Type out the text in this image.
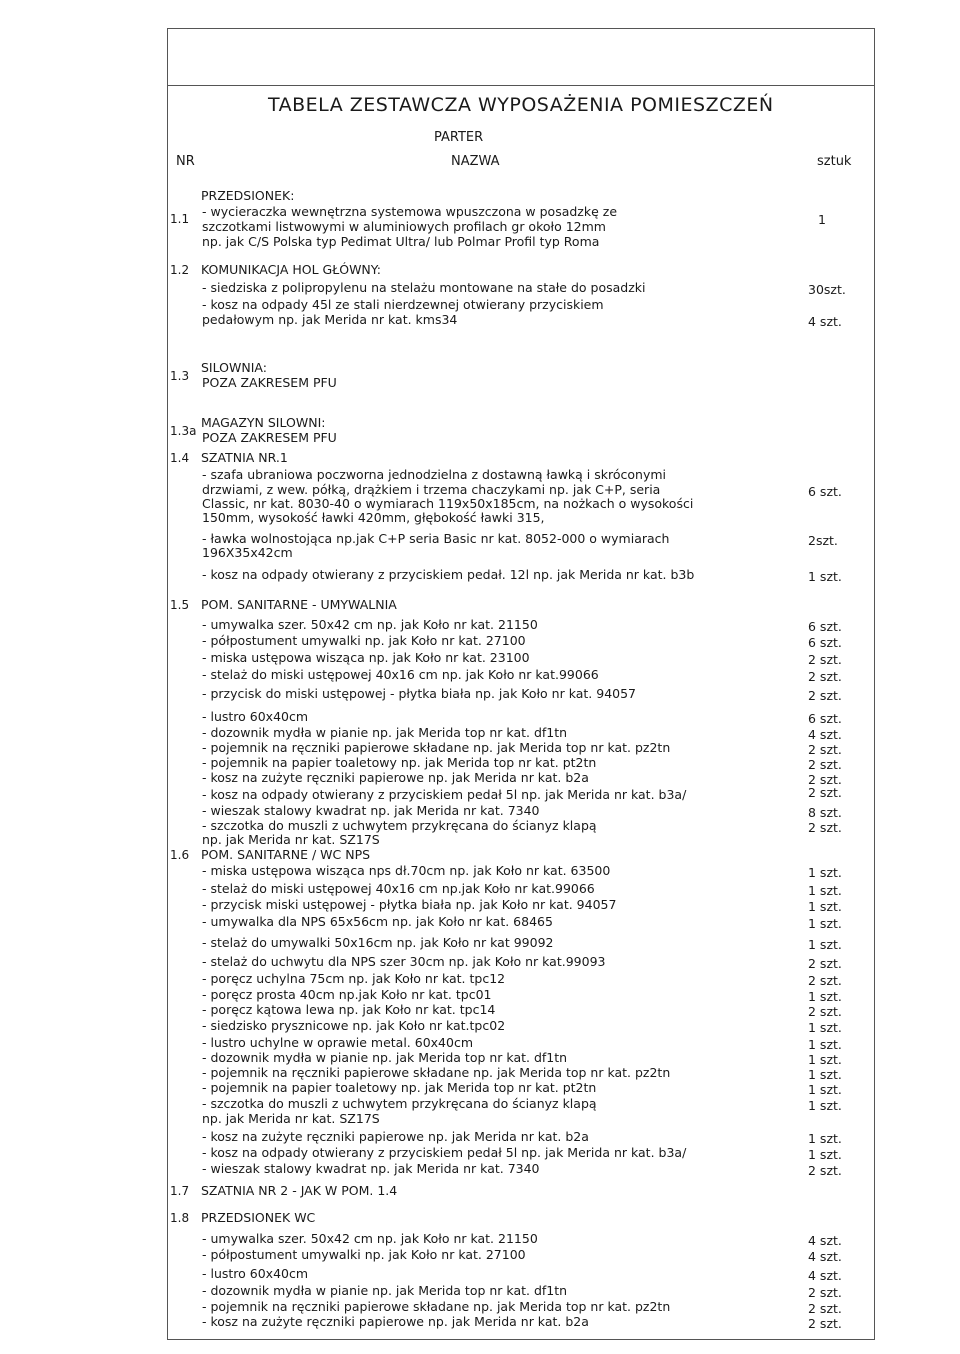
TABELA ZESTAWCZA WYPOSAŻENIA POMIESZCZEŃ
PARTER
NR	NAZWA	sztuk
1.1
PRZEDSIONEK:
- wycieraczka wewnętrzna systemowa wpuszczona w posadzkę ze
szczotkami listwowymi w aluminiowych profilach gr około 12mm	1
np. jak C/S Polska typ Pedimat Ultra/ lub Polmar Profil typ Roma
1.2 KOMUNIKACJA HOL GŁÓWNY:
- siedziska z polipropylenu na stelażu montowane na stałe do posadzki	30szt.
- kosz na odpady 45l ze stali nierdzewnej otwierany przyciskiem
pedałowym np. jak Merida nr kat. kms34	4 szt.
1.3
SILOWNIA:
POZA ZAKRESEM PFU
1.3a
MAGAZYN SILOWNI:
POZA ZAKRESEM PFU
1.4 SZATNIA NR.1
- szafa ubraniowa poczworna jednodzielna z dostawną ławką i skróconymi
drzwiami, z wew. półką, drążkiem i trzema chaczykami np. jak C+P, seria	6 szt.
Classic, nr kat. 8030-40 o wymiarach 119x50x185cm, na nożkach o wysokości
150mm, wysokość ławki 420mm, głębokość ławki 315,
- ławka wolnostojąca np.jak C+P seria Basic nr kat. 8052-000 o wymiarach	2szt.
196X35x42cm
- kosz na odpady otwierany z przyciskiem pedał. 12l np. jak Merida nr kat. b3b	1 szt.
1.5 POM. SANITARNE - UMYWALNIA
- umywalka szer. 50x42 cm np. jak Koło nr kat. 21150	6 szt.
- półpostument umywalki np. jak Koło nr kat. 27100	6 szt.
- miska ustępowa wisząca np. jak Koło nr kat. 23100	2 szt.
- stelaż do miski ustępowej 40x16 cm np. jak Koło nr kat.99066	2 szt.
- przycisk do miski ustępowej - płytka biała np. jak Koło nr kat. 94057	2 szt.
- lustro 60x40cm	6 szt.
- dozownik mydła w pianie np. jak Merida top nr kat. df1tn	4 szt.
- pojemnik na ręczniki papierowe składane np. jak Merida top nr kat. pz2tn	2 szt.
- pojemnik na papier toaletowy np. jak Merida top nr kat. pt2tn	2 szt.
- kosz na zużyte ręczniki papierowe np. jak Merida nr kat. b2a	2 szt.
- kosz na odpady otwierany z przyciskiem pedał 5l np. jak Merida nr kat. b3a/	2 szt.
- wieszak stalowy kwadrat np. jak Merida nr kat. 7340	8 szt.
- szczotka do muszli z uchwytem przykręcana do ścianyz klapą	2 szt.
np. jak Merida nr kat. SZ17S
1.6 POM. SANITARNE / WC NPS
- miska ustępowa wisząca nps dł.70cm np. jak Koło nr kat. 63500	1 szt.
- stelaż do miski ustępowej 40x16 cm np.jak Koło nr kat.99066	1 szt.
- przycisk miski ustępowej - płytka biała np. jak Koło nr kat. 94057	1 szt.
- umywalka dla NPS 65x56cm np. jak Koło nr kat. 68465	1 szt.
- stelaż do umywalki 50x16cm np. jak Koło nr kat 99092	1 szt.
- stelaż do uchwytu dla NPS szer 30cm np. jak Koło nr kat.99093	2 szt.
- poręcz uchylna 75cm np. jak Koło nr kat. tpc12	2 szt.
- poręcz prosta 40cm np.jak Koło nr kat. tpc01	1 szt.
- poręcz kątowa lewa np. jak Koło nr kat. tpc14	2 szt.
- siedzisko prysznicowe np. jak Koło nr kat.tpc02	1 szt.
- lustro uchylne w oprawie metal. 60x40cm	1 szt.
- dozownik mydła w pianie np. jak Merida top nr kat. df1tn	1 szt.
- pojemnik na ręczniki papierowe składane np. jak Merida top nr kat. pz2tn	1 szt.
- pojemnik na papier toaletowy np. jak Merida top nr kat. pt2tn	1 szt.
- szczotka do muszli z uchwytem przykręcana do ścianyz klapą	1 szt.
np. jak Merida nr kat. SZ17S
- kosz na zużyte ręczniki papierowe np. jak Merida nr kat. b2a	1 szt.
- kosz na odpady otwierany z przyciskiem pedał 5l np. jak Merida nr kat. b3a/	1 szt.
- wieszak stalowy kwadrat np. jak Merida nr kat. 7340	2 szt.
1.7 SZATNIA NR 2 - JAK W POM. 1.4
1.8 PRZEDSIONEK WC
- umywalka szer. 50x42 cm np. jak Koło nr kat. 21150	4 szt.
- półpostument umywalki np. jak Koło nr kat. 27100	4 szt.
- lustro 60x40cm	4 szt.
- dozownik mydła w pianie np. jak Merida top nr kat. df1tn	2 szt.
- pojemnik na ręczniki papierowe składane np. jak Merida top nr kat. pz2tn	2 szt.
- kosz na zużyte ręczniki papierowe np. jak Merida nr kat. b2a	2 szt.
